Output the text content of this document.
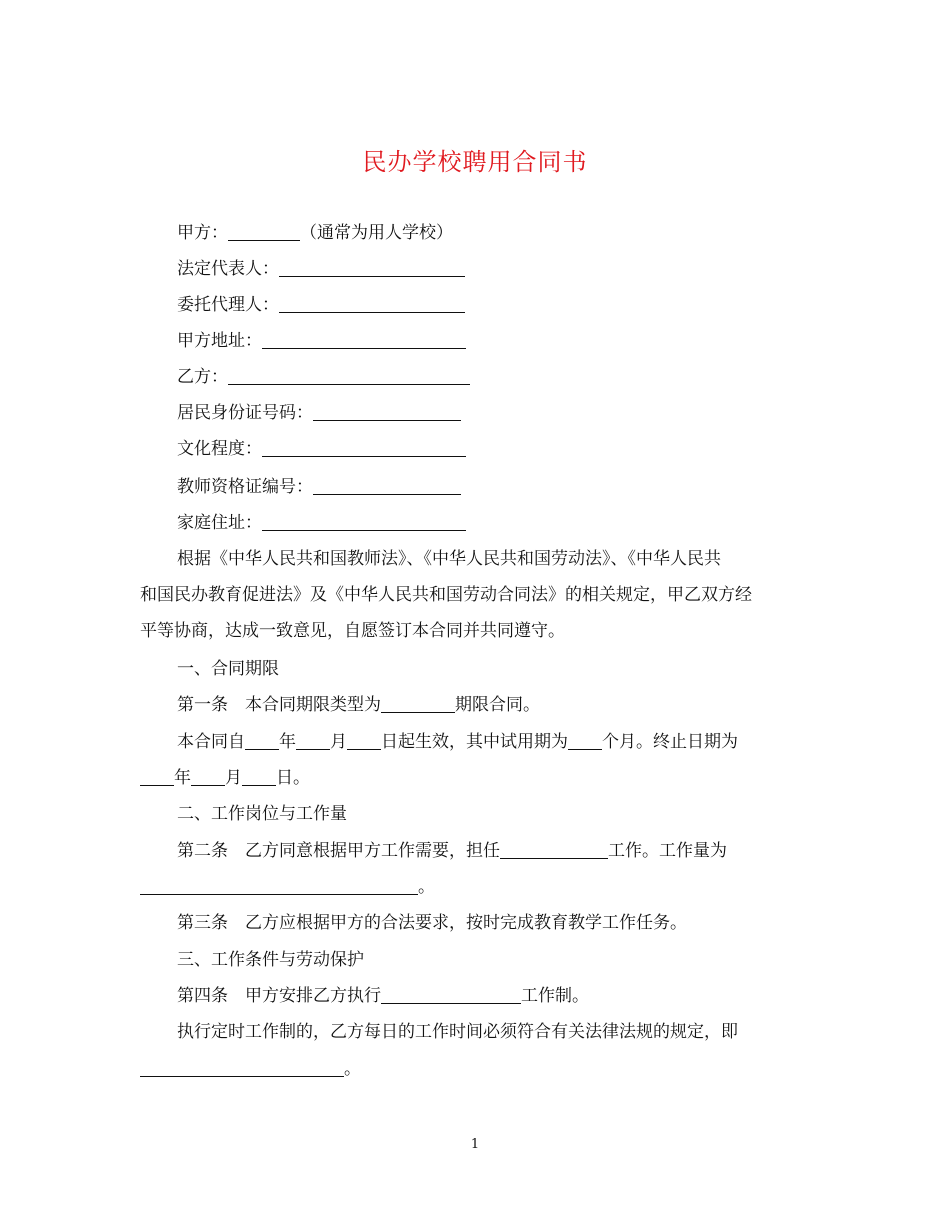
民办学校聘用合同书
甲方：	（通常为用人学校）
法定代表人：
委托代理人：
甲方地址：
乙方：
居民身份证号码：
文化程度：
教师资格证编号：
家庭住址：
根据《中华人民共和国教师法》、《中华人民共和国劳动法》、《中华人民共
和国民办教育促进法》及《中华人民共和国劳动合同法》的相关规定，甲乙双方经
平等协商，达成一致意见，自愿签订本合同并共同遵守。
一、合同期限
第一条　本合同期限类型为	期限合同。
本合同自 年 月 日起生效，其中试用期为 个月。终止日期为
年 月 日。
二、工作岗位与工作量
第二条　乙方同意根据甲方工作需要，担任	工作。工作量为
。
第三条　乙方应根据甲方的合法要求，按时完成教育教学工作任务。
三、工作条件与劳动保护
第四条　甲方安排乙方执行	工作制。
执行定时工作制的，乙方每日的工作时间必须符合有关法律法规的规定，即
。
1
